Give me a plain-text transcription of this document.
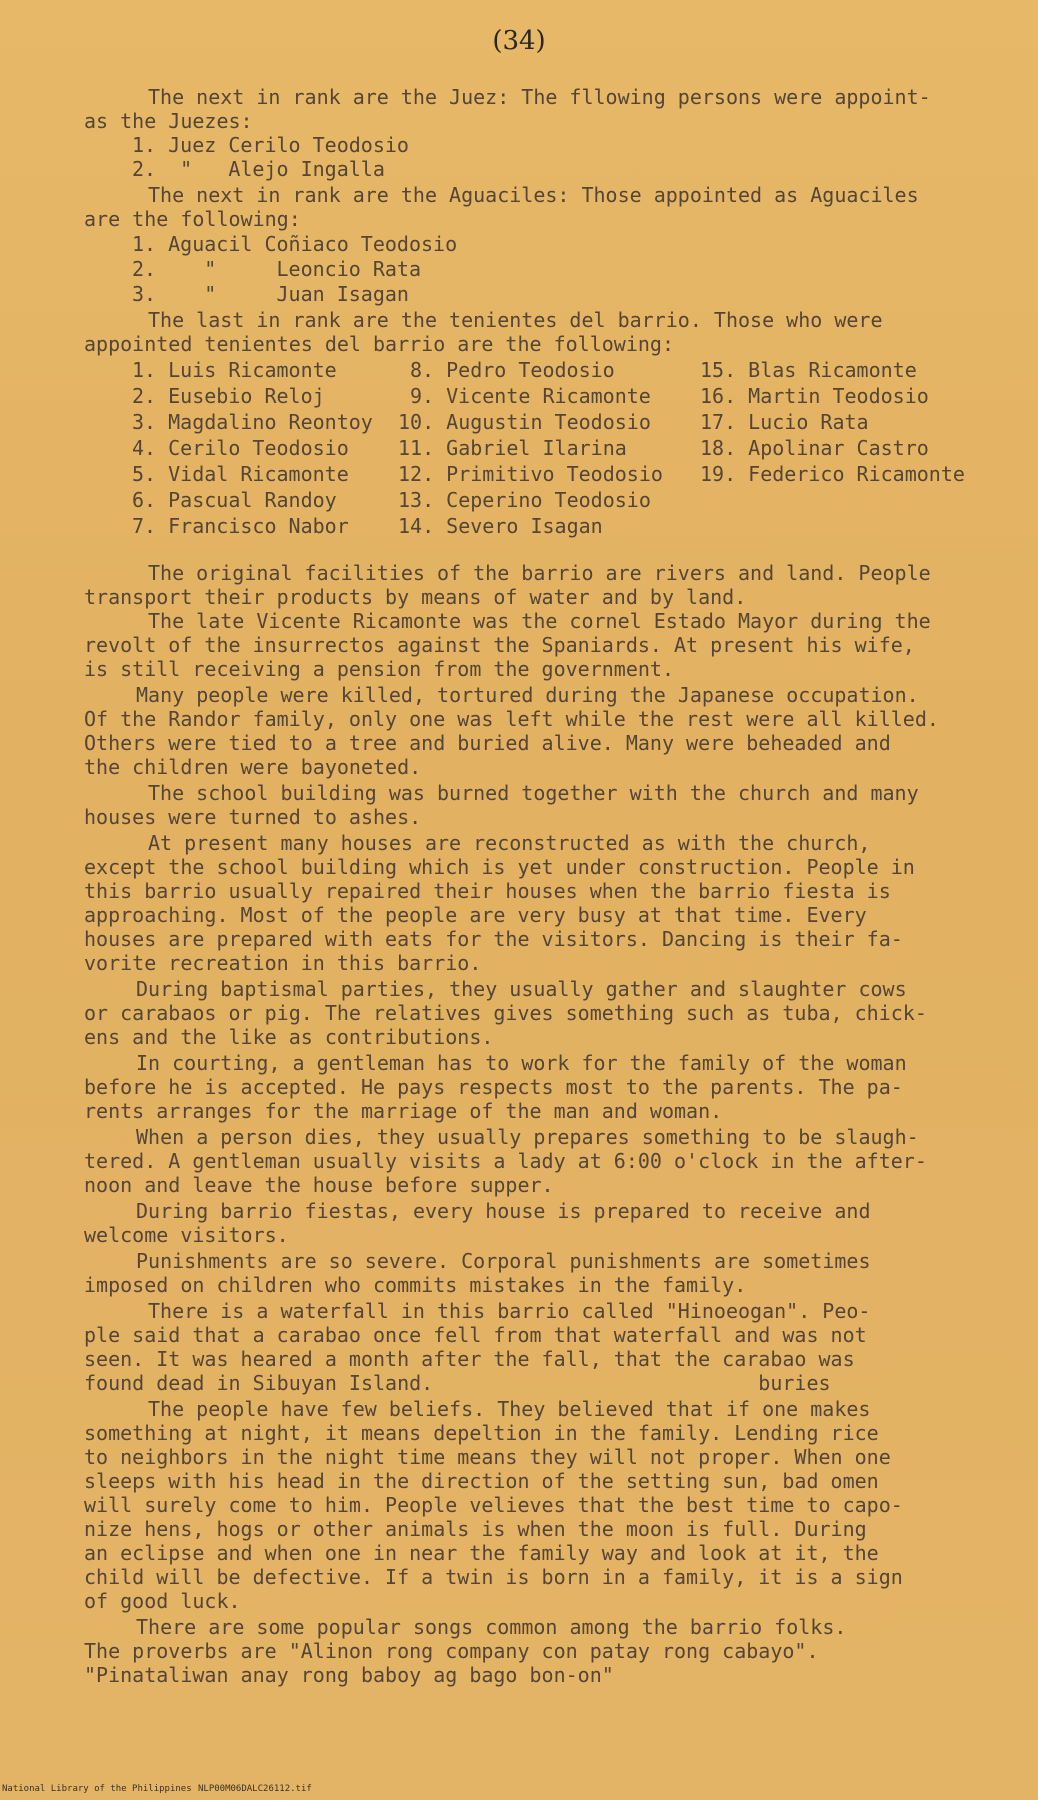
(34)
The next in rank are the Juez: The fllowing persons were appoint-
as the Juezes:
1. Juez Cerilo Teodosio
2.  "   Alejo Ingalla
The next in rank are the Aguaciles: Those appointed as Aguaciles
are the following:
1. Aguacil Coñiaco Teodosio
2.    "     Leoncio Rata
3.    "     Juan Isagan
The last in rank are the tenientes del barrio. Those who were
appointed tenientes del barrio are the following:
1. Luis Ricamonte
2. Eusebio Reloj
3. Magdalino Reontoy
4. Cerilo Teodosio
5. Vidal Ricamonte
6. Pascual Randoy
7. Francisco Nabor
8. Pedro Teodosio
9. Vicente Ricamonte
10. Augustin Teodosio
11. Gabriel Ilarina
12. Primitivo Teodosio
13. Ceperino Teodosio
14. Severo Isagan
15. Blas Ricamonte
16. Martin Teodosio
17. Lucio Rata
18. Apolinar Castro
19. Federico Ricamonte
The original facilities of the barrio are rivers and land. People
transport their products by means of water and by land.
The late Vicente Ricamonte was the cornel Estado Mayor during the
revolt of the insurrectos against the Spaniards. At present his wife,
is still receiving a pension from the government.
Many people were killed, tortured during the Japanese occupation.
Of the Randor family, only one was left while the rest were all killed.
Others were tied to a tree and buried alive. Many were beheaded and
the children were bayoneted.
The school building was burned together with the church and many
houses were turned to ashes.
At present many houses are reconstructed as with the church,
except the school building which is yet under construction. People in
this barrio usually repaired their houses when the barrio fiesta is
approaching. Most of the people are very busy at that time. Every
houses are prepared with eats for the visitors. Dancing is their fa-
vorite recreation in this barrio.
During baptismal parties, they usually gather and slaughter cows
or carabaos or pig. The relatives gives something such as tuba, chick-
ens and the like as contributions.
In courting, a gentleman has to work for the family of the woman
before he is accepted. He pays respects most to the parents. The pa-
rents arranges for the marriage of the man and woman.
When a person dies, they usually prepares something to be slaugh-
tered. A gentleman usually visits a lady at 6:00 o'clock in the after-
noon and leave the house before supper.
During barrio fiestas, every house is prepared to receive and
welcome visitors.
Punishments are so severe. Corporal punishments are sometimes
imposed on children who commits mistakes in the family.
There is a waterfall in this barrio called "Hinoeogan". Peo-
ple said that a carabao once fell from that waterfall and was not
seen. It was heared a month after the fall, that the carabao was
found dead in Sibuyan Island.                           buries
The people have few beliefs. They believed that if one makes
something at night, it means depeltion in the family. Lending rice
to neighbors in the night time means they will not proper. When one
sleeps with his head in the direction of the setting sun, bad omen
will surely come to him. People velieves that the best time to capo-
nize hens, hogs or other animals is when the moon is full. During
an eclipse and when one in near the family way and look at it, the
child will be defective. If a twin is born in a family, it is a sign
of good luck.
There are some popular songs common among the barrio folks.
The proverbs are "Alinon rong company con patay rong cabayo".
"Pinataliwan anay rong baboy ag bago bon-on"
National Library of the Philippines NLP00M06DALC26112.tif
